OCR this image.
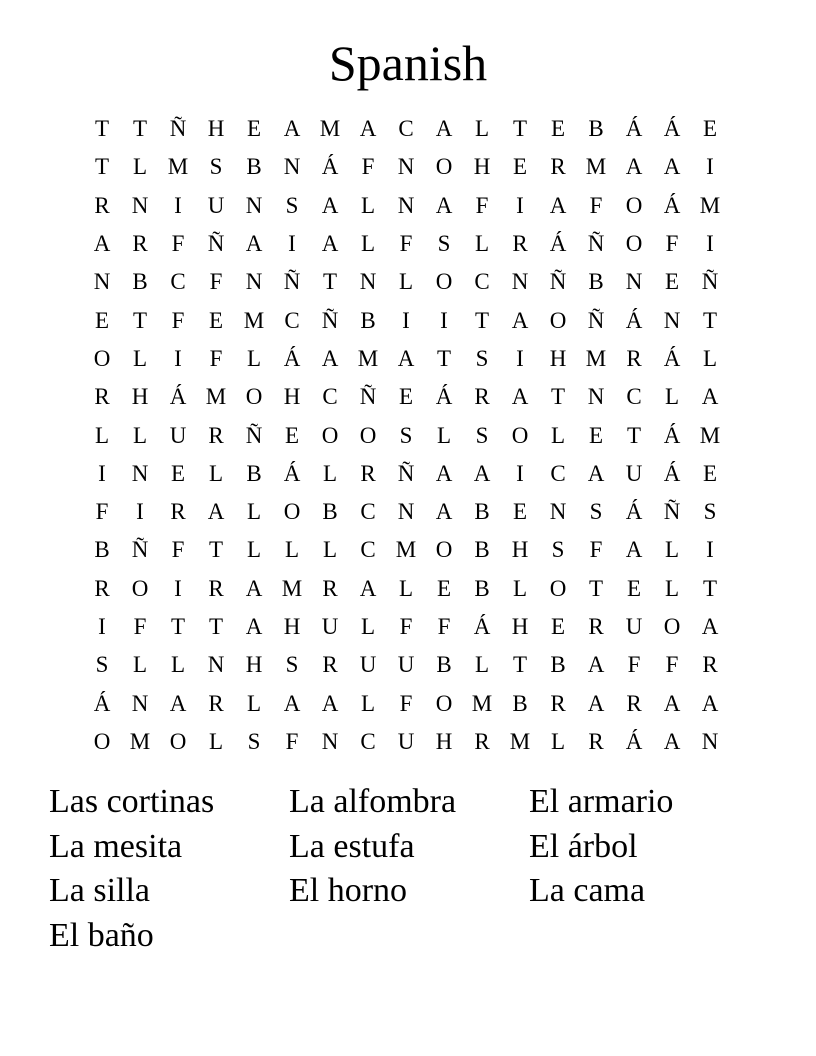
Spanish
T	T Ñ H E A M A C A L	T	E	B Á Á E
T	L M S	B N Á	F	N O H E	R M A A	I
R N	I	U N	S	A L N A	F	I	A	F	O Á M
A R	F	Ñ A	I	A L	F	S	L	R Á Ñ O	F	I
N B C	F	N Ñ T N L O C N Ñ B N E Ñ
E	T	F	E M C Ñ B	I	I	T A O Ñ Á N T
O L	I	F	L Á A M A T	S	I	H M R Á L
R H Á M O H C Ñ E Á R A T N C	L A
L	L U R Ñ E O O	S	L	S	O L	E	T Á M
I	N E	L	B Á L	R Ñ A A	I	C A U Á E
F	I	R A L O B C N A B	E N	S	Á Ñ	S
B Ñ	F	T	L	L	L	C M O B H	S	F	A L	I
R O	I	R A M R A L	E	B	L O T	E	L	T
I	F	T	T A H U L	F	F	Á H E	R U O A
S	L	L N H	S	R U U B	L	T	B A	F	F	R
Á N A R	L A A L	F	O M B R A R A A
O M O L	S	F	N C U H R M L	R Á A N
Las cortinas	La alfombra	El armario
La mesita	La estufa	El árbol
La silla	El horno	La cama
El baño
